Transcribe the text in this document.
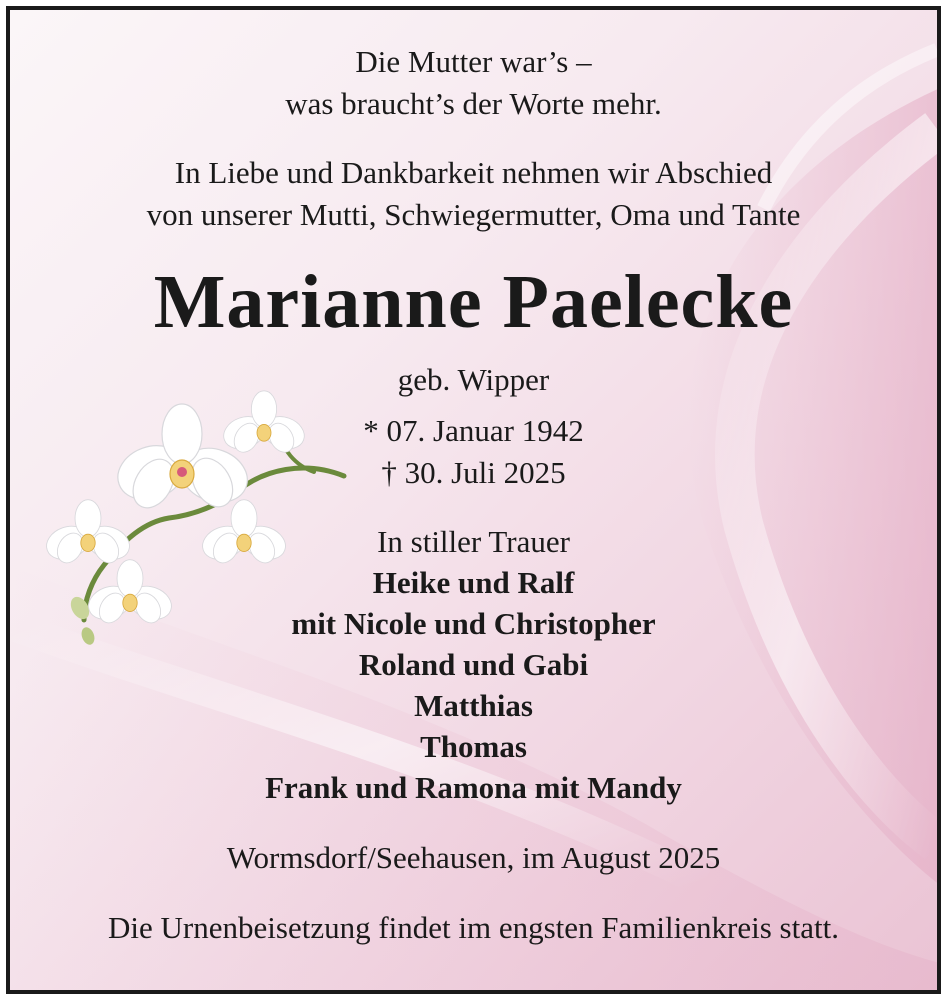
Die Mutter war’s –
was braucht’s der Worte mehr.
In Liebe und Dankbarkeit nehmen wir Abschied
von unserer Mutti, Schwiegermutter, Oma und Tante
Marianne Paelecke
geb. Wipper
* 07. Januar 1942
† 30. Juli 2025
In stiller Trauer
Heike und Ralf
mit Nicole und Christopher
Roland und Gabi
Matthias
Thomas
Frank und Ramona mit Mandy
Wormsdorf/Seehausen, im August 2025
Die Urnenbeisetzung findet im engsten Familienkreis statt.
